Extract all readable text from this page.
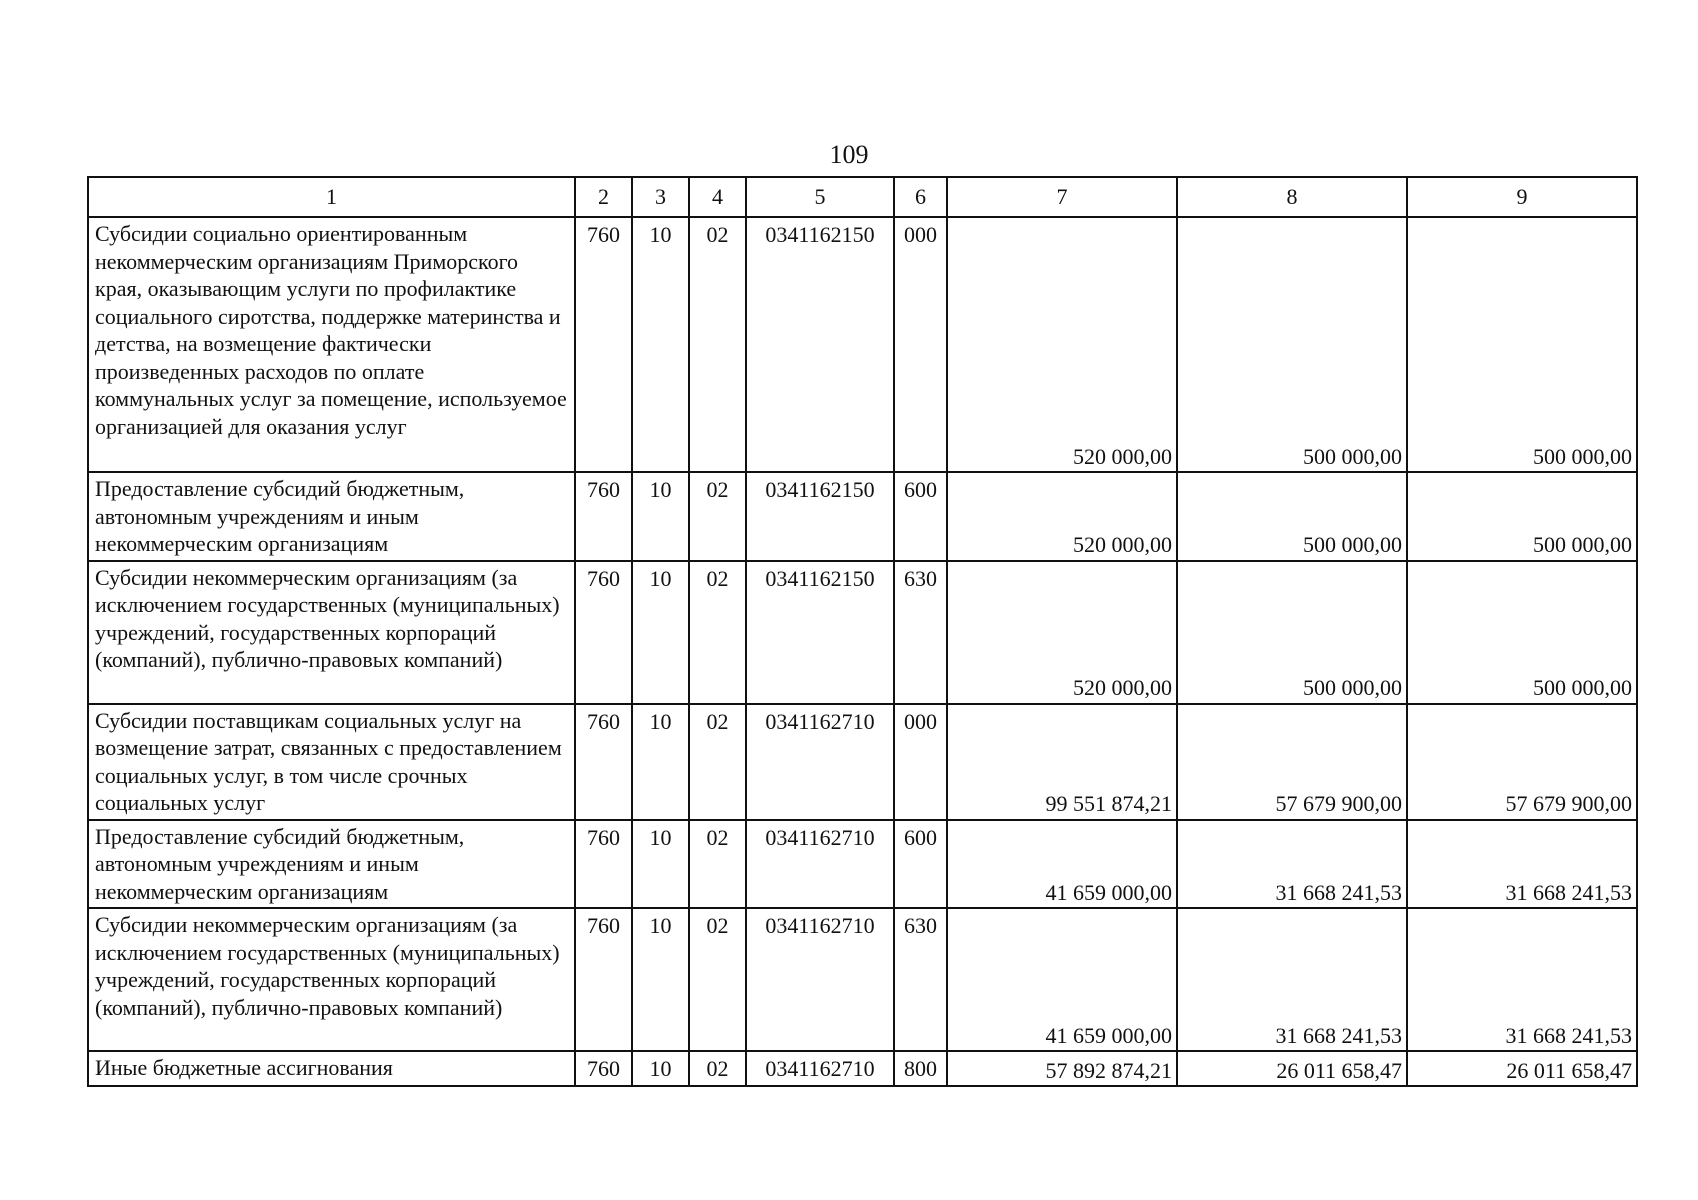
109
1	2	3	4	5	6	7	8	9
Субсидии социально ориентированным некоммерческим организациям Приморского края, оказывающим услуги по профилактике социального сиротства, поддержке материнства и детства, на возмещение фактически произведенных расходов по оплате коммунальных услуг за помещение, используемое организацией для оказания услуг	760	10	02	0341162150	000	520 000,00	500 000,00	500 000,00
Предоставление субсидий бюджетным, автономным учреждениям и иным некоммерческим организациям	760	10	02	0341162150	600	520 000,00	500 000,00	500 000,00
Субсидии некоммерческим организациям (за исключением государственных (муниципальных) учреждений, государственных корпораций (компаний), публично-правовых компаний)	760	10	02	0341162150	630	520 000,00	500 000,00	500 000,00
Субсидии поставщикам социальных услуг на возмещение затрат, связанных с предоставлением социальных услуг, в том числе срочных социальных услуг	760	10	02	0341162710	000	99 551 874,21	57 679 900,00	57 679 900,00
Предоставление субсидий бюджетным, автономным учреждениям и иным некоммерческим организациям	760	10	02	0341162710	600	41 659 000,00	31 668 241,53	31 668 241,53
Субсидии некоммерческим организациям (за исключением государственных (муниципальных) учреждений, государственных корпораций (компаний), публично-правовых компаний)	760	10	02	0341162710	630	41 659 000,00	31 668 241,53	31 668 241,53
Иные бюджетные ассигнования	760	10	02	0341162710	800	57 892 874,21	26 011 658,47	26 011 658,47
